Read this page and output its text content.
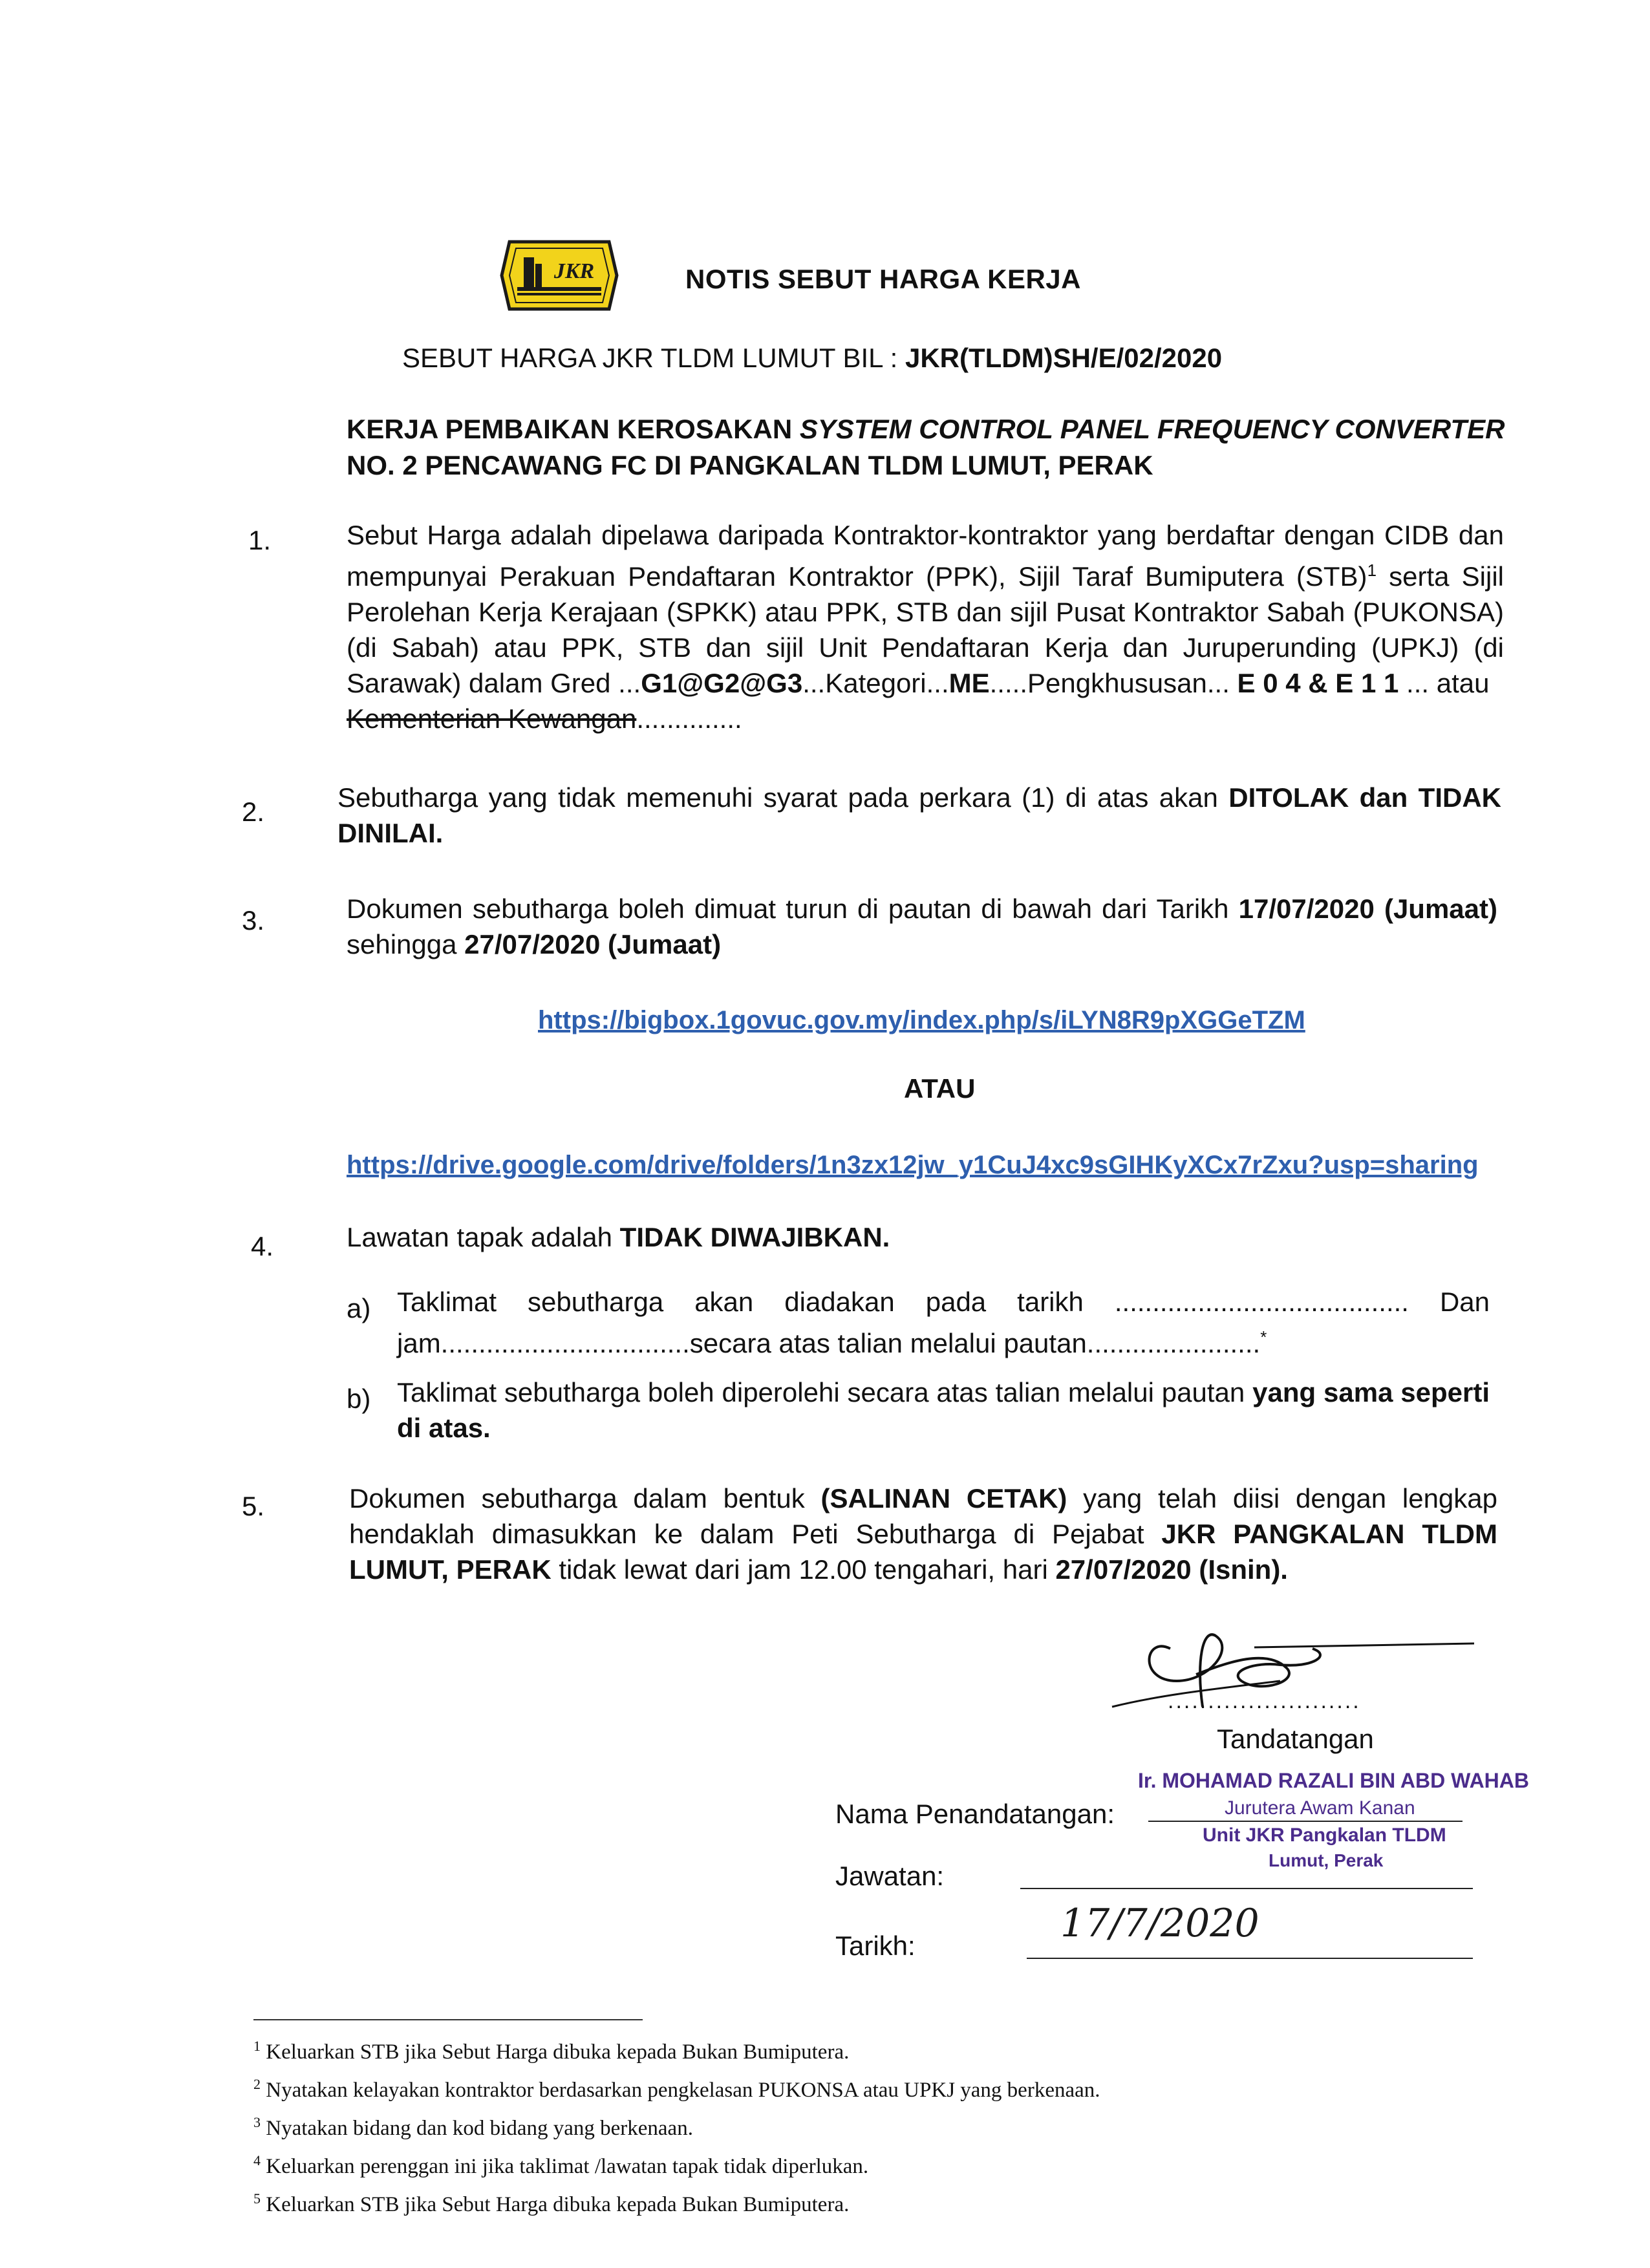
JKR	NOTIS SEBUT HARGA KERJA
SEBUT HARGA JKR TLDM LUMUT BIL : JKR(TLDM)SH/E/02/2020
KERJA PEMBAIKAN KEROSAKAN SYSTEM CONTROL PANEL FREQUENCY CONVERTER NO. 2 PENCAWANG FC DI PANGKALAN TLDM LUMUT, PERAK
1.	Sebut Harga adalah dipelawa daripada Kontraktor-kontraktor yang berdaftar dengan CIDB dan mempunyai Perakuan Pendaftaran Kontraktor (PPK), Sijil Taraf Bumiputera (STB)$^1$ serta Sijil Perolehan Kerja Kerajaan (SPKK) atau PPK, STB dan sijil Pusat Kontraktor Sabah (PUKONSA) (di Sabah) atau PPK, STB dan sijil Unit Pendaftaran Kerja dan Juruperunding (UPKJ) (di Sarawak) dalam Gred ...G1@G2@G3...Kategori...ME.....Pengkhususan... E 0 4 & E 1 1 ... atau
Kementerian Kewangan..............
2.	Sebutharga yang tidak memenuhi syarat pada perkara (1) di atas akan DITOLAK dan TIDAK DINILAI.
3.	Dokumen sebutharga boleh dimuat turun di pautan di bawah dari Tarikh 17/07/2020 (Jumaat) sehingga 27/07/2020 (Jumaat)
https://bigbox.1govuc.gov.my/index.php/s/iLYN8R9pXGGeTZM
ATAU
https://drive.google.com/drive/folders/1n3zx12jw_y1CuJ4xc9sGIHKyXCx7rZxu?usp=sharing
4.	Lawatan tapak adalah TIDAK DIWAJIBKAN.
a) Taklimat sebutharga akan diadakan pada tarikh ....................................... Dan jam.................................secara atas talian melalui pautan.......................*
b) Taklimat sebutharga boleh diperolehi secara atas talian melalui pautan yang sama seperti di atas.
5.	Dokumen sebutharga dalam bentuk (SALINAN CETAK) yang telah diisi dengan lengkap hendaklah dimasukkan ke dalam Peti Sebutharga di Pejabat JKR PANGKALAN TLDM LUMUT, PERAK tidak lewat dari jam 12.00 tengahari, hari 27/07/2020 (Isnin).
........................
Tandatangan
Nama Penandatangan:
Ir. MOHAMAD RAZALI BIN ABD WAHAB
Jurutera Awam Kanan
Unit JKR Pangkalan TLDM
Lumut, Perak
Jawatan:
Tarikh:	17/7/2020
$^1$ Keluarkan STB jika Sebut Harga dibuka kepada Bukan Bumiputera.
$^2$ Nyatakan kelayakan kontraktor berdasarkan pengkelasan PUKONSA atau UPKJ yang berkenaan.
$^3$ Nyatakan bidang dan kod bidang yang berkenaan.
$^4$ Keluarkan perenggan ini jika taklimat /lawatan tapak tidak diperlukan.
$^5$ Keluarkan STB jika Sebut Harga dibuka kepada Bukan Bumiputera.
